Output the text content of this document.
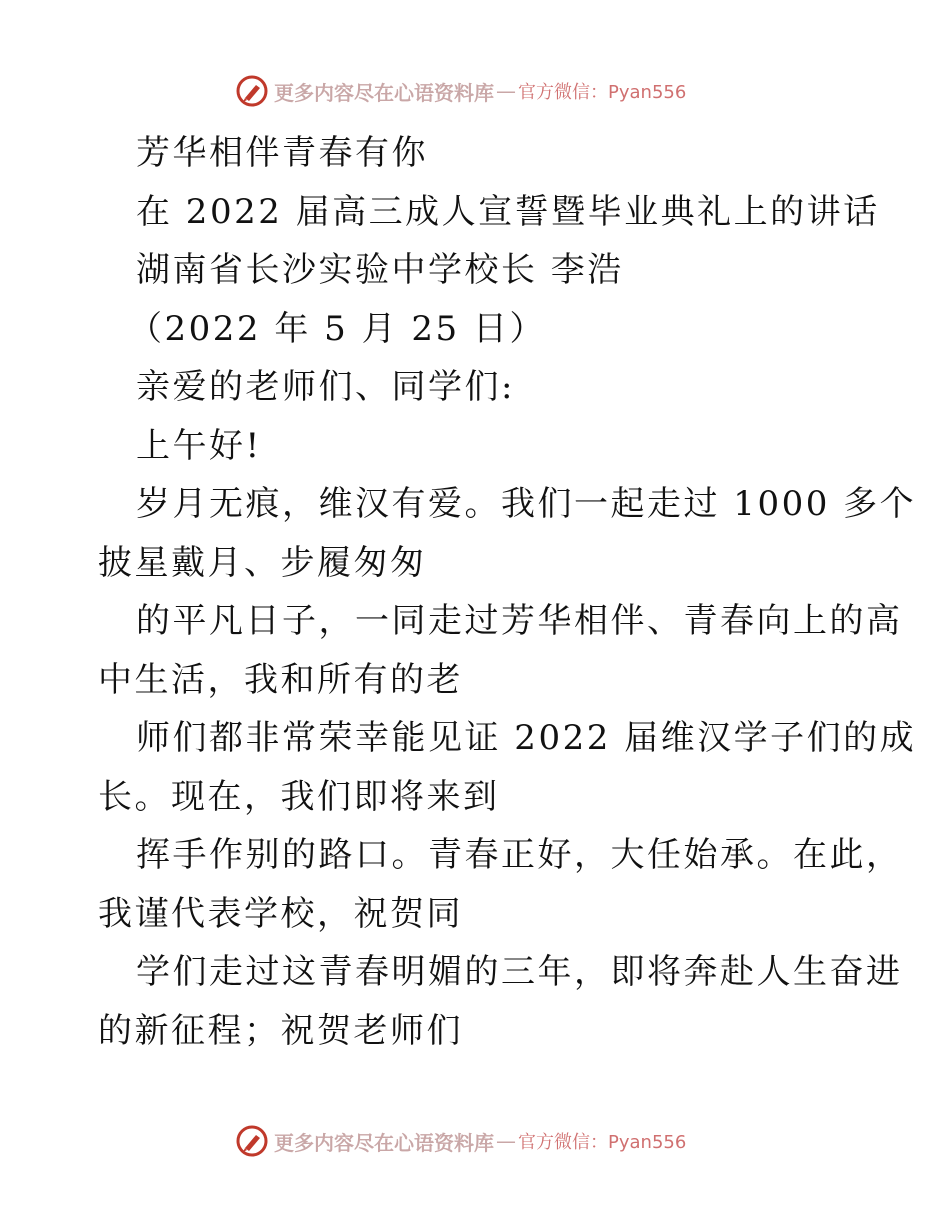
更多内容尽在心语资料库 — 官方微信：Pyan556
芳华相伴青春有你
在 2022 届高三成人宣誓暨毕业典礼上的讲话
湖南省长沙实验中学校长 李浩
（2022 年 5 月 25 日）
亲爱的老师们、同学们:
上午好!
岁月无痕，维汉有爱。我们一起走过 1000 多个
披星戴月、步履匆匆
的平凡日子，一同走过芳华相伴、青春向上的高
中生活，我和所有的老
师们都非常荣幸能见证 2022 届维汉学子们的成
长。现在，我们即将来到
挥手作别的路口。青春正好，大任始承。在此，
我谨代表学校，祝贺同
学们走过这青春明媚的三年，即将奔赴人生奋进
的新征程；祝贺老师们
更多内容尽在心语资料库 — 官方微信：Pyan556
